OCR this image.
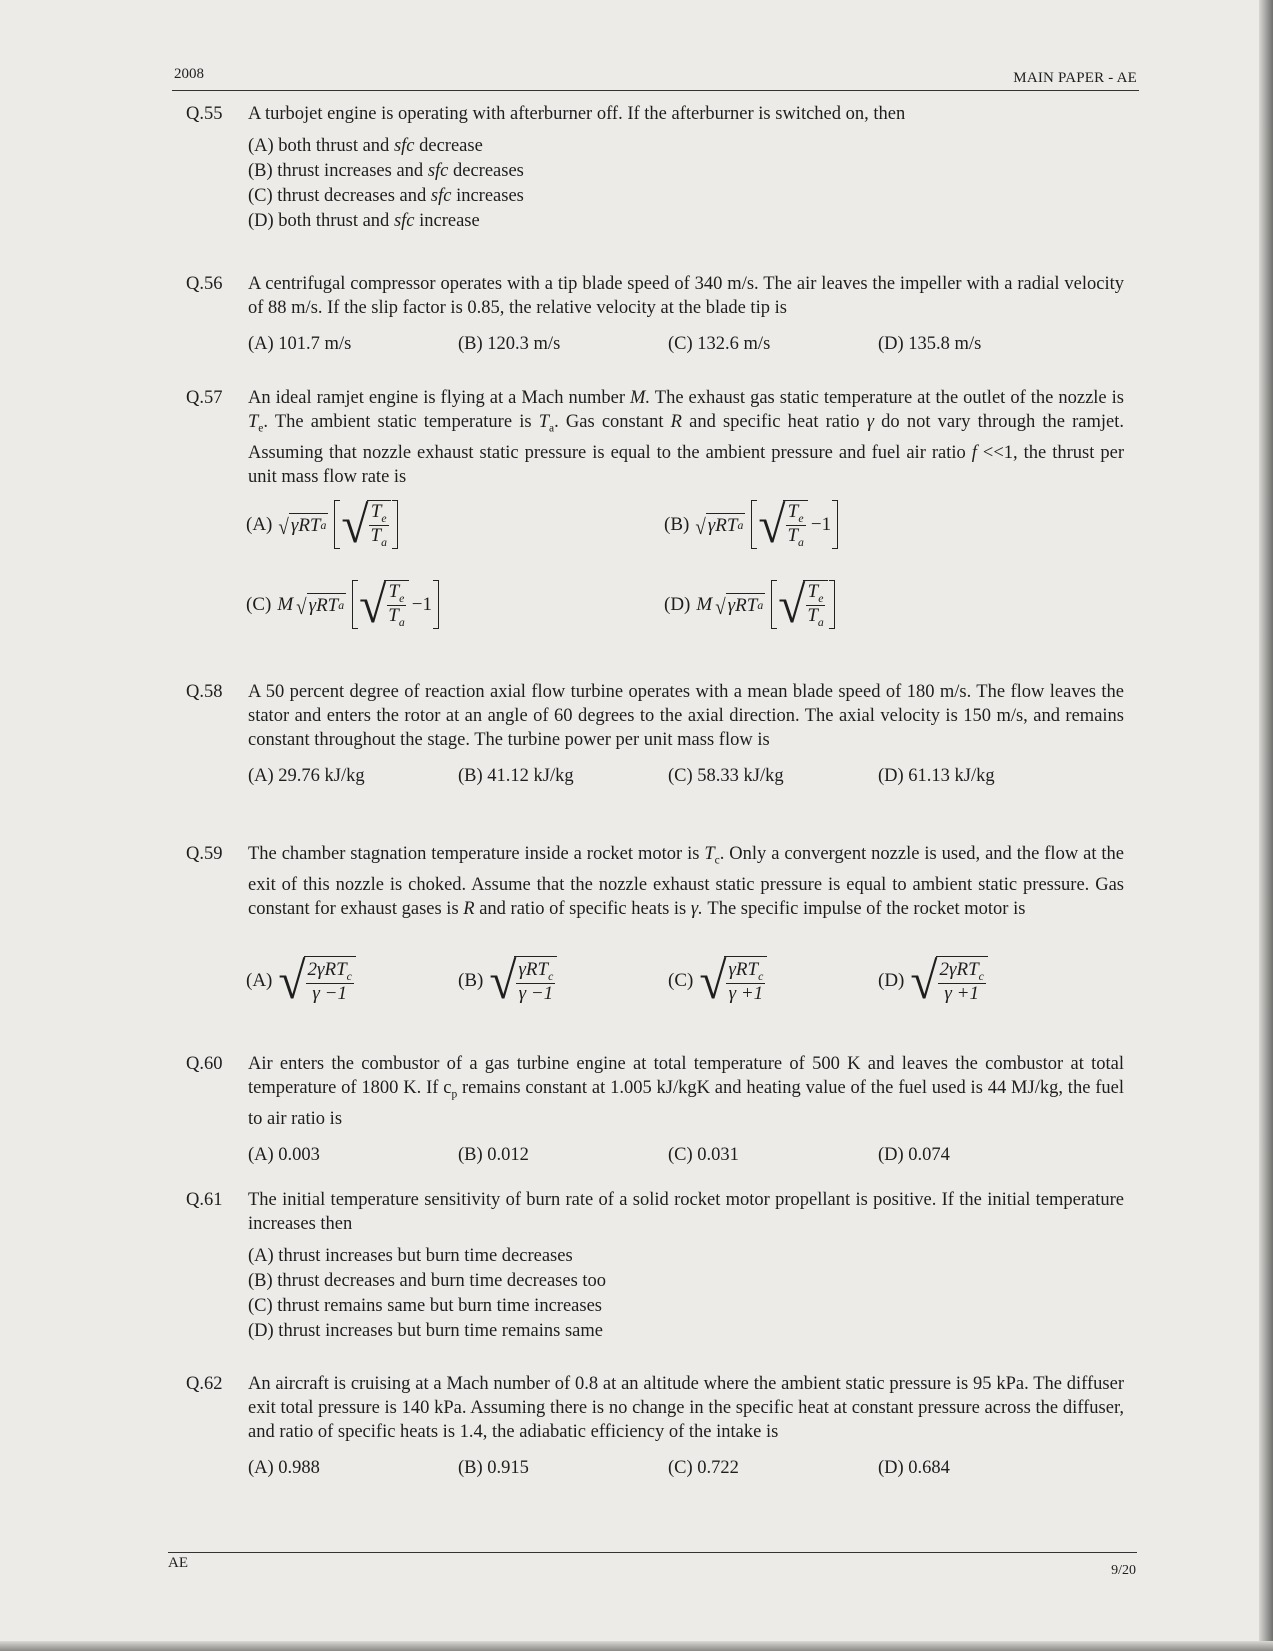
2008	MAIN PAPER - AE
Q.55	A turbojet engine is operating with afterburner off. If the afterburner is switched on, then
(A) both thrust and sfc decrease
(B) thrust increases and sfc decreases
(C) thrust decreases and sfc increases
(D) both thrust and sfc increase
Q.56	A centrifugal compressor operates with a tip blade speed of 340 m/s. The air leaves the impeller with a radial velocity of 88 m/s. If the slip factor is 0.85, the relative velocity at the blade tip is
(A) 101.7 m/s	(B) 120.3 m/s	(C) 132.6 m/s	(D) 135.8 m/s
Q.57	An ideal ramjet engine is flying at a Mach number M. The exhaust gas static temperature at the outlet of the nozzle is $T_e$. The ambient static temperature is $T_a$. Gas constant R and specific heat ratio γ do not vary through the ramjet. Assuming that nozzle exhaust static pressure is equal to the ambient pressure and fuel air ratio f <<1, the thrust per unit mass flow rate is
(A) √ γRT a √ $\frac{T_e}{T_a}$	(B) √ γRT a √ $\frac{T_e}{T_a} -1$
(C) M √ γRT a √ $\frac{T_e}{T_a} -1$	(D) M √ γRT a √ $\frac{T_e}{T_a}$
Q.58	A 50 percent degree of reaction axial flow turbine operates with a mean blade speed of 180 m/s. The flow leaves the stator and enters the rotor at an angle of 60 degrees to the axial direction. The axial velocity is 150 m/s, and remains constant throughout the stage. The turbine power per unit mass flow is
(A) 29.76 kJ/kg	(B) 41.12 kJ/kg	(C) 58.33 kJ/kg	(D) 61.13 kJ/kg
Q.59	The chamber stagnation temperature inside a rocket motor is $T_c$. Only a convergent nozzle is used, and the flow at the exit of this nozzle is choked. Assume that the nozzle exhaust static pressure is equal to ambient static pressure. Gas constant for exhaust gases is R and ratio of specific heats is γ. The specific impulse of the rocket motor is
(A) √ $\frac{2\gamma RT_c}{\gamma -1}$	(B) √ $\frac{\gamma RT_c}{\gamma -1}$	(C) √ $\frac{\gamma RT_c}{\gamma +1}$	(D) √ $\frac{2\gamma RT_c}{\gamma +1}$
Q.60	Air enters the combustor of a gas turbine engine at total temperature of 500 K and leaves the combustor at total temperature of 1800 K. If $c_p$ remains constant at 1.005 kJ/kgK and heating value of the fuel used is 44 MJ/kg, the fuel to air ratio is
(A) 0.003	(B) 0.012	(C) 0.031	(D) 0.074
Q.61	The initial temperature sensitivity of burn rate of a solid rocket motor propellant is positive. If the initial temperature increases then
(A) thrust increases but burn time decreases
(B) thrust decreases and burn time decreases too
(C) thrust remains same but burn time increases
(D) thrust increases but burn time remains same
Q.62	An aircraft is cruising at a Mach number of 0.8 at an altitude where the ambient static pressure is 95 kPa. The diffuser exit total pressure is 140 kPa. Assuming there is no change in the specific heat at constant pressure across the diffuser, and ratio of specific heats is 1.4, the adiabatic efficiency of the intake is
(A) 0.988	(B) 0.915	(C) 0.722	(D) 0.684
AE	9/20
